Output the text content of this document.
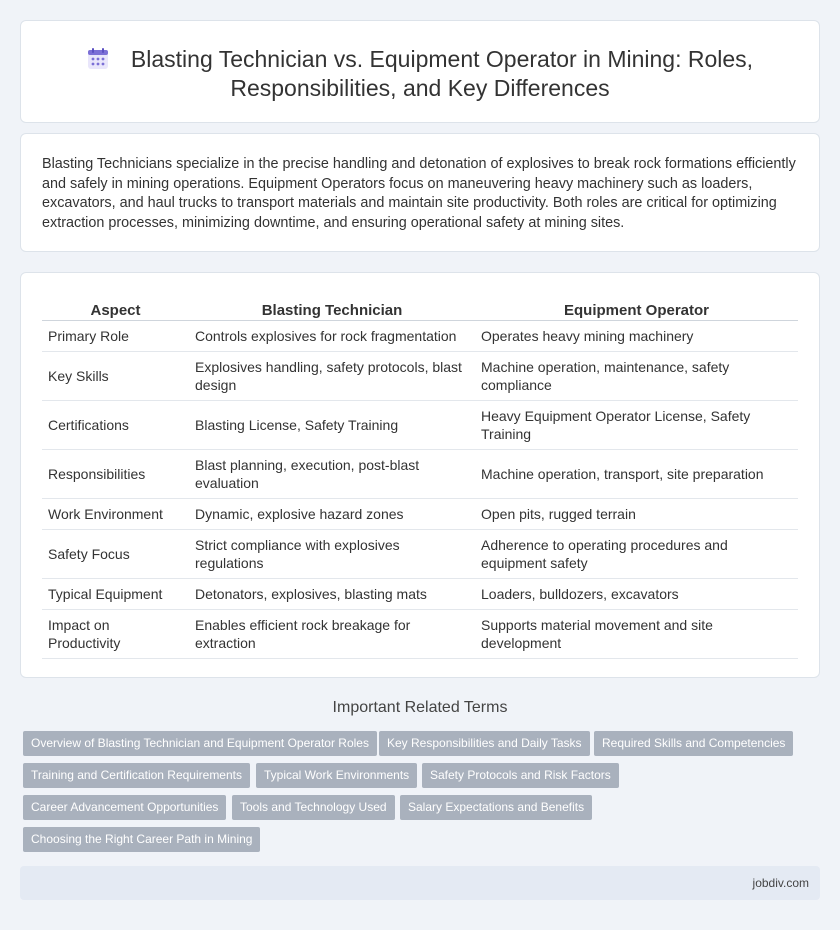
Blasting Technician vs. Equipment Operator in Mining: Roles,
Responsibilities, and Key Differences

Blasting Technicians specialize in the precise handling and detonation of explosives to break rock formations efficiently and safely in mining operations. Equipment Operators focus on maneuvering heavy machinery such as loaders, excavators, and haul trucks to transport materials and maintain site productivity. Both roles are critical for optimizing extraction processes, minimizing downtime, and ensuring operational safety at mining sites.

Aspect	Blasting Technician	Equipment Operator
Primary Role	Controls explosives for rock fragmentation	Operates heavy mining machinery
Key Skills	Explosives handling, safety protocols, blast design	Machine operation, maintenance, safety compliance
Certifications	Blasting License, Safety Training	Heavy Equipment Operator License, Safety Training
Responsibilities	Blast planning, execution, post-blast evaluation	Machine operation, transport, site preparation
Work Environment	Dynamic, explosive hazard zones	Open pits, rugged terrain
Safety Focus	Strict compliance with explosives regulations	Adherence to operating procedures and equipment safety
Typical Equipment	Detonators, explosives, blasting mats	Loaders, bulldozers, excavators
Impact on Productivity	Enables efficient rock breakage for extraction	Supports material movement and site development
Important Related Terms
Overview of Blasting Technician and Equipment Operator Roles	Key Responsibilities and Daily Tasks	Required Skills and Competencies
Training and Certification Requirements	Typical Work Environments	Safety Protocols and Risk Factors
Career Advancement Opportunities	Tools and Technology Used	Salary Expectations and Benefits
Choosing the Right Career Path in Mining
jobdiv.com
